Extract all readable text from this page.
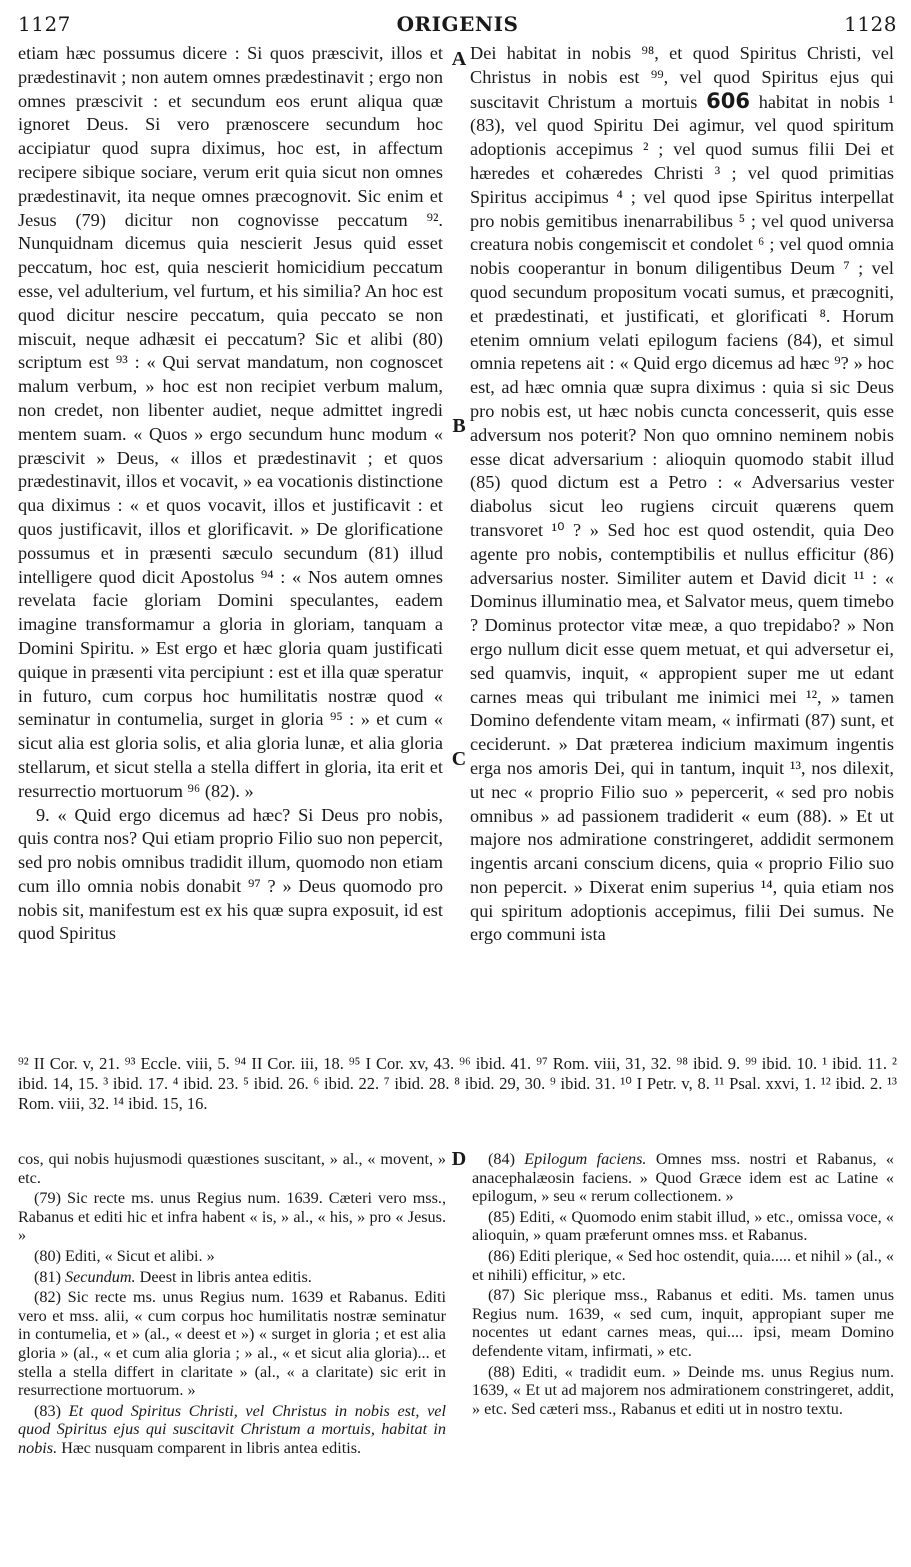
1127	ORIGENIS	1128

etiam hæc possumus dicere : Si quos præscivit, illos et prædestinavit ; non autem omnes prædestinavit ; ergo non omnes præscivit : et secundum eos erunt aliqua quæ ignoret Deus. Si vero prænoscere secundum hoc accipiatur quod supra diximus, hoc est, in affectum recipere sibique sociare, verum erit quia sicut non omnes prædestinavit, ita neque omnes præcognovit. Sic enim et Jesus (79) dicitur non cognovisse peccatum ⁹². Nunquidnam dicemus quia nescierit Jesus quid esset peccatum, hoc est, quia nescierit homicidium peccatum esse, vel adulterium, vel furtum, et his similia? An hoc est quod dicitur nescire peccatum, quia peccato se non miscuit, neque adhæsit ei peccatum? Sic et alibi (80) scriptum est ⁹³ : « Qui servat mandatum, non cognoscet malum verbum, » hoc est non recipiet verbum malum, non credet, non libenter audiet, neque admittet ingredi mentem suam. « Quos » ergo secundum hunc modum « præscivit » Deus, « illos et prædestinavit ; et quos prædestinavit, illos et vocavit, » ea vocationis distinctione qua diximus : « et quos vocavit, illos et justificavit : et quos justificavit, illos et glorificavit. » De glorificatione possumus et in præsenti sæculo secundum (81) illud intelligere quod dicit Apostolus ⁹⁴ : « Nos autem omnes revelata facie gloriam Domini speculantes, eadem imagine transformamur a gloria in gloriam, tanquam a Domini Spiritu. » Est ergo et hæc gloria quam justificati quique in præsenti vita percipiunt : est et illa quæ speratur in futuro, cum corpus hoc humilitatis nostræ quod « seminatur in contumelia, surget in gloria ⁹⁵ : » et cum « sicut alia est gloria solis, et alia gloria lunæ, et alia gloria stellarum, et sicut stella a stella differt in gloria, ita erit et resurrectio mortuorum ⁹⁶ (82). »

9. « Quid ergo dicemus ad hæc? Si Deus pro nobis, quis contra nos? Qui etiam proprio Filio suo non pepercit, sed pro nobis omnibus tradidit illum, quomodo non etiam cum illo omnia nobis donabit ⁹⁷ ? » Deus quomodo pro nobis sit, manifestum est ex his quæ supra exposuit, id est quod Spiritus

A
B
C
D

Dei habitat in nobis ⁹⁸, et quod Spiritus Christi, vel Christus in nobis est ⁹⁹, vel quod Spiritus ejus qui suscitavit Christum a mortuis 606 habitat in nobis ¹ (83), vel quod Spiritu Dei agimur, vel quod spiritum adoptionis accepimus ² ; vel quod sumus filii Dei et hæredes et cohæredes Christi ³ ; vel quod primitias Spiritus accipimus ⁴ ; vel quod ipse Spiritus interpellat pro nobis gemitibus inenarrabilibus ⁵ ; vel quod universa creatura nobis congemiscit et condolet ⁶ ; vel quod omnia nobis cooperantur in bonum diligentibus Deum ⁷ ; vel quod secundum propositum vocati sumus, et præcogniti, et prædestinati, et justificati, et glorificati ⁸. Horum etenim omnium velati epilogum faciens (84), et simul omnia repetens ait : « Quid ergo dicemus ad hæc ⁹? » hoc est, ad hæc omnia quæ supra diximus : quia si sic Deus pro nobis est, ut hæc nobis cuncta concesserit, quis esse adversum nos poterit? Non quo omnino neminem nobis esse dicat adversarium : alioquin quomodo stabit illud (85) quod dictum est a Petro : « Adversarius vester diabolus sicut leo rugiens circuit quærens quem transvoret ¹⁰ ? » Sed hoc est quod ostendit, quia Deo agente pro nobis, contemptibilis et nullus efficitur (86) adversarius noster. Similiter autem et David dicit ¹¹ : « Dominus illuminatio mea, et Salvator meus, quem timebo ? Dominus protector vitæ meæ, a quo trepidabo? » Non ergo nullum dicit esse quem metuat, et qui adversetur ei, sed quamvis, inquit, « appropient super me ut edant carnes meas qui tribulant me inimici mei ¹², » tamen Domino defendente vitam meam, « infirmati (87) sunt, et ceciderunt. » Dat præterea indicium maximum ingentis erga nos amoris Dei, qui in tantum, inquit ¹³, nos dilexit, ut nec « proprio Filio suo » pepercerit, « sed pro nobis omnibus » ad passionem tradiderit « eum (88). » Et ut majore nos admiratione constringeret, addidit sermonem ingentis arcani conscium dicens, quia « proprio Filio suo non pepercit. » Dixerat enim superius ¹⁴, quia etiam nos qui spiritum adoptionis accepimus, filii Dei sumus. Ne ergo communi ista

⁹² II Cor. v, 21. ⁹³ Eccle. viii, 5. ⁹⁴ II Cor. iii, 18. ⁹⁵ I Cor. xv, 43. ⁹⁶ ibid. 41. ⁹⁷ Rom. viii, 31, 32. ⁹⁸ ibid. 9. ⁹⁹ ibid. 10. ¹ ibid. 11. ² ibid. 14, 15. ³ ibid. 17. ⁴ ibid. 23. ⁵ ibid. 26. ⁶ ibid. 22. ⁷ ibid. 28. ⁸ ibid. 29, 30. ⁹ ibid. 31. ¹⁰ I Petr. v, 8. ¹¹ Psal. xxvi, 1. ¹² ibid. 2. ¹³ Rom. viii, 32. ¹⁴ ibid. 15, 16.

cos, qui nobis hujusmodi quæstiones suscitant, » al., « movent, » etc.

(79) Sic recte ms. unus Regius num. 1639. Cæteri vero mss., Rabanus et editi hic et infra habent « is, » al., « his, » pro « Jesus. »

(80) Editi, « Sicut et alibi. »

(81) Secundum. Deest in libris antea editis.

(82) Sic recte ms. unus Regius num. 1639 et Rabanus. Editi vero et mss. alii, « cum corpus hoc humilitatis nostræ seminatur in contumelia, et » (al., « deest et ») « surget in gloria ; et est alia gloria » (al., « et cum alia gloria ; » al., « et sicut alia gloria)... et stella a stella differt in claritate » (al., « a claritate) sic erit in resurrectione mortuorum. »

(83) Et quod Spiritus Christi, vel Christus in nobis est, vel quod Spiritus ejus qui suscitavit Christum a mortuis, habitat in nobis. Hæc nusquam comparent in libris antea editis.

(84) Epilogum faciens. Omnes mss. nostri et Rabanus, « anacephalæosin faciens. » Quod Græce idem est ac Latine « epilogum, » seu « rerum collectionem. »

(85) Editi, « Quomodo enim stabit illud, » etc., omissa voce, « alioquin, » quam præferunt omnes mss. et Rabanus.

(86) Editi plerique, « Sed hoc ostendit, quia..... et nihil » (al., « et nihili) efficitur, » etc.

(87) Sic plerique mss., Rabanus et editi. Ms. tamen unus Regius num. 1639, « sed cum, inquit, appropiant super me nocentes ut edant carnes meas, qui.... ipsi, meam Domino defendente vitam, infirmati, » etc.

(88) Editi, « tradidit eum. » Deinde ms. unus Regius num. 1639, « Et ut ad majorem nos admirationem constringeret, addit, » etc. Sed cæteri mss., Rabanus et editi ut in nostro textu.
